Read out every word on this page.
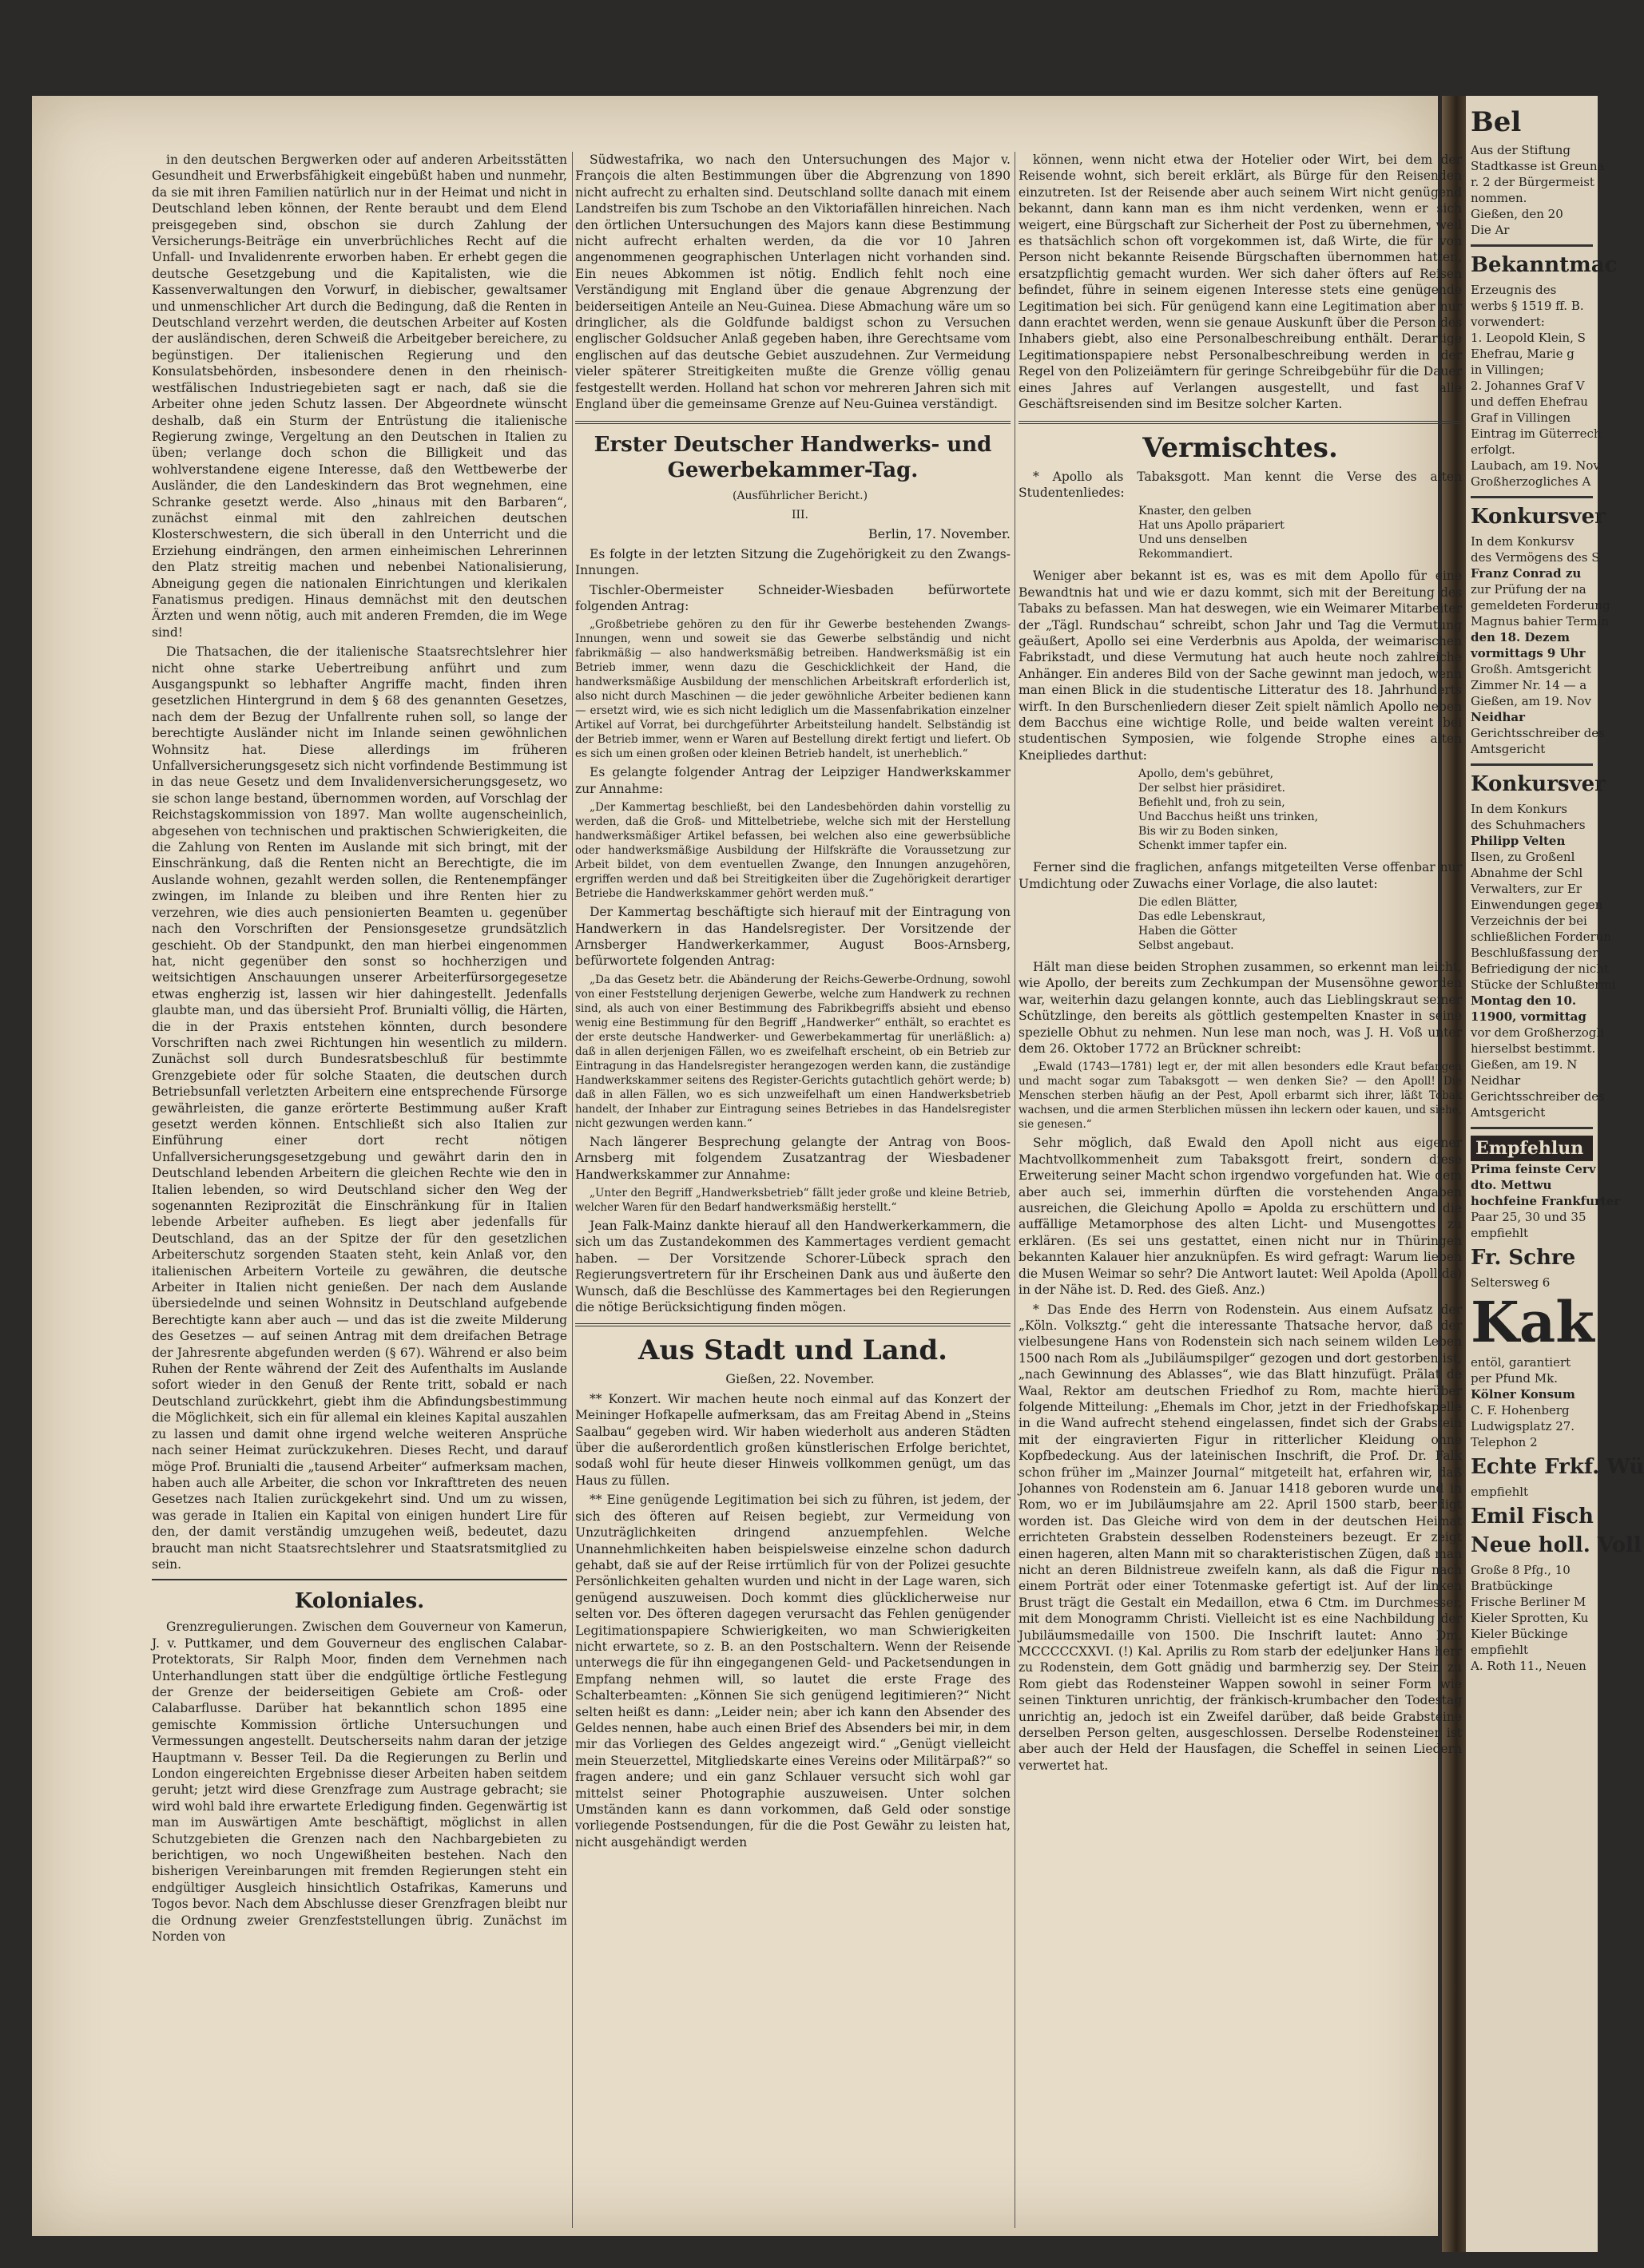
in den deutschen Bergwerken oder auf anderen Arbeitsstätten Gesundheit und Erwerbsfähigkeit eingebüßt haben und nunmehr, da sie mit ihren Familien natürlich nur in der Heimat und nicht in Deutschland leben können, der Rente beraubt und dem Elend preisgegeben sind, obschon sie durch Zahlung der Versicherungs-Beiträge ein unverbrüchliches Recht auf die Unfall- und Invalidenrente erworben haben. Er erhebt gegen die deutsche Gesetzgebung und die Kapitalisten, wie die Kassenverwaltungen den Vorwurf, in diebischer, gewaltsamer und unmenschlicher Art durch die Bedingung, daß die Renten in Deutschland verzehrt werden, die deutschen Arbeiter auf Kosten der ausländischen, deren Schweiß die Arbeitgeber bereichere, zu begünstigen. Der italienischen Regierung und den Konsulatsbehörden, insbesondere denen in den rheinisch-westfälischen Industriegebieten sagt er nach, daß sie die Arbeiter ohne jeden Schutz lassen. Der Abgeordnete wünscht deshalb, daß ein Sturm der Entrüstung die italienische Regierung zwinge, Vergeltung an den Deutschen in Italien zu üben; verlange doch schon die Billigkeit und das wohlverstandene eigene Interesse, daß den Wettbewerbe der Ausländer, die den Landeskindern das Brot wegnehmen, eine Schranke gesetzt werde. Also „hinaus mit den Barbaren“, zunächst einmal mit den zahlreichen deutschen Klosterschwestern, die sich überall in den Unterricht und die Erziehung eindrängen, den armen einheimischen Lehrerinnen den Platz streitig machen und nebenbei Nationalisierung, Abneigung gegen die nationalen Einrichtungen und klerikalen Fanatismus predigen. Hinaus demnächst mit den deutschen Ärzten und wenn nötig, auch mit anderen Fremden, die im Wege sind!

Die Thatsachen, die der italienische Staatsrechtslehrer hier nicht ohne starke Uebertreibung anführt und zum Ausgangspunkt so lebhafter Angriffe macht, finden ihren gesetzlichen Hintergrund in dem § 68 des genannten Gesetzes, nach dem der Bezug der Unfallrente ruhen soll, so lange der berechtigte Ausländer nicht im Inlande seinen gewöhnlichen Wohnsitz hat. Diese allerdings im früheren Unfallversicherungsgesetz sich nicht vorfindende Bestimmung ist in das neue Gesetz und dem Invalidenversicherungsgesetz, wo sie schon lange bestand, übernommen worden, auf Vorschlag der Reichstagskommission von 1897. Man wollte augenscheinlich, abgesehen von technischen und praktischen Schwierigkeiten, die die Zahlung von Renten im Auslande mit sich bringt, mit der Einschränkung, daß die Renten nicht an Berechtigte, die im Auslande wohnen, gezahlt werden sollen, die Rentenempfänger zwingen, im Inlande zu bleiben und ihre Renten hier zu verzehren, wie dies auch pensionierten Beamten u. gegenüber nach den Vorschriften der Pensionsgesetze grundsätzlich geschieht. Ob der Standpunkt, den man hierbei eingenommen hat, nicht gegenüber den sonst so hochherzigen und weitsichtigen Anschauungen unserer Arbeiterfürsorgegesetze etwas engherzig ist, lassen wir hier dahingestellt. Jedenfalls glaubte man, und das übersieht Prof. Brunialti völlig, die Härten, die in der Praxis entstehen könnten, durch besondere Vorschriften nach zwei Richtungen hin wesentlich zu mildern. Zunächst soll durch Bundesratsbeschluß für bestimmte Grenzgebiete oder für solche Staaten, die deutschen durch Betriebsunfall verletzten Arbeitern eine entsprechende Fürsorge gewährleisten, die ganze erörterte Bestimmung außer Kraft gesetzt werden können. Entschließt sich also Italien zur Einführung einer dort recht nötigen Unfallversicherungsgesetzgebung und gewährt darin den in Deutschland lebenden Arbeitern die gleichen Rechte wie den in Italien lebenden, so wird Deutschland sicher den Weg der sogenannten Reziprozität die Einschränkung für in Italien lebende Arbeiter aufheben. Es liegt aber jedenfalls für Deutschland, das an der Spitze der für den gesetzlichen Arbeiterschutz sorgenden Staaten steht, kein Anlaß vor, den italienischen Arbeitern Vorteile zu gewähren, die deutsche Arbeiter in Italien nicht genießen. Der nach dem Auslande übersiedelnde und seinen Wohnsitz in Deutschland aufgebende Berechtigte kann aber auch — und das ist die zweite Milderung des Gesetzes — auf seinen Antrag mit dem dreifachen Betrage der Jahresrente abgefunden werden (§ 67). Während er also beim Ruhen der Rente während der Zeit des Aufenthalts im Auslande sofort wieder in den Genuß der Rente tritt, sobald er nach Deutschland zurückkehrt, giebt ihm die Abfindungsbestimmung die Möglichkeit, sich ein für allemal ein kleines Kapital auszahlen zu lassen und damit ohne irgend welche weiteren Ansprüche nach seiner Heimat zurückzukehren. Dieses Recht, und darauf möge Prof. Brunialti die „tausend Arbeiter“ aufmerksam machen, haben auch alle Arbeiter, die schon vor Inkrafttreten des neuen Gesetzes nach Italien zurückgekehrt sind. Und um zu wissen, was gerade in Italien ein Kapital von einigen hundert Lire für den, der damit verständig umzugehen weiß, bedeutet, dazu braucht man nicht Staatsrechtslehrer und Staatsratsmitglied zu sein.

Koloniales.

Grenzregulierungen. Zwischen dem Gouverneur von Kamerun, J. v. Puttkamer, und dem Gouverneur des englischen Calabar-Protektorats, Sir Ralph Moor, finden dem Vernehmen nach Unterhandlungen statt über die endgültige örtliche Festlegung der Grenze der beiderseitigen Gebiete am Croß- oder Calabarflusse. Darüber hat bekanntlich schon 1895 eine gemischte Kommission örtliche Untersuchungen und Vermessungen angestellt. Deutscherseits nahm daran der jetzige Hauptmann v. Besser Teil. Da die Regierungen zu Berlin und London eingereichten Ergebnisse dieser Arbeiten haben seitdem geruht; jetzt wird diese Grenzfrage zum Austrage gebracht; sie wird wohl bald ihre erwartete Erledigung finden. Gegenwärtig ist man im Auswärtigen Amte beschäftigt, möglichst in allen Schutzgebieten die Grenzen nach den Nachbargebieten zu berichtigen, wo noch Ungewißheiten bestehen. Nach den bisherigen Vereinbarungen mit fremden Regierungen steht ein endgültiger Ausgleich hinsichtlich Ostafrikas, Kameruns und Togos bevor. Nach dem Abschlusse dieser Grenzfragen bleibt nur die Ordnung zweier Grenzfeststellungen übrig. Zunächst im Norden von

Südwestafrika, wo nach den Untersuchungen des Major v. François die alten Bestimmungen über die Abgrenzung von 1890 nicht aufrecht zu erhalten sind. Deutschland sollte danach mit einem Landstreifen bis zum Tschobe an den Viktoriafällen hinreichen. Nach den örtlichen Untersuchungen des Majors kann diese Bestimmung nicht aufrecht erhalten werden, da die vor 10 Jahren angenommenen geographischen Unterlagen nicht vorhanden sind. Ein neues Abkommen ist nötig. Endlich fehlt noch eine Verständigung mit England über die genaue Abgrenzung der beiderseitigen Anteile an Neu-Guinea. Diese Abmachung wäre um so dringlicher, als die Goldfunde baldigst schon zu Versuchen englischer Goldsucher Anlaß gegeben haben, ihre Gerechtsame vom englischen auf das deutsche Gebiet auszudehnen. Zur Vermeidung vieler späterer Streitigkeiten mußte die Grenze völlig genau festgestellt werden. Holland hat schon vor mehreren Jahren sich mit England über die gemeinsame Grenze auf Neu-Guinea verständigt.

Erster Deutscher Handwerks- und Gewerbekammer-Tag.

(Ausführlicher Bericht.)

III.

Berlin, 17. November.

Es folgte in der letzten Sitzung die Zugehörigkeit zu den Zwangs-Innungen.

Tischler-Obermeister Schneider-Wiesbaden befürwortete folgenden Antrag:

„Großbetriebe gehören zu den für ihr Gewerbe bestehenden Zwangs-Innungen, wenn und soweit sie das Gewerbe selbständig und nicht fabrikmäßig — also handwerksmäßig betreiben. Handwerksmäßig ist ein Betrieb immer, wenn dazu die Geschicklichkeit der Hand, die handwerksmäßige Ausbildung der menschlichen Arbeitskraft erforderlich ist, also nicht durch Maschinen — die jeder gewöhnliche Arbeiter bedienen kann — ersetzt wird, wie es sich nicht lediglich um die Massenfabrikation einzelner Artikel auf Vorrat, bei durchgeführter Arbeitsteilung handelt. Selbständig ist der Betrieb immer, wenn er Waren auf Bestellung direkt fertigt und liefert. Ob es sich um einen großen oder kleinen Betrieb handelt, ist unerheblich.“

Es gelangte folgender Antrag der Leipziger Handwerkskammer zur Annahme:

„Der Kammertag beschließt, bei den Landesbehörden dahin vorstellig zu werden, daß die Groß- und Mittelbetriebe, welche sich mit der Herstellung handwerksmäßiger Artikel befassen, bei welchen also eine gewerbsübliche oder handwerksmäßige Ausbildung der Hilfskräfte die Voraussetzung zur Arbeit bildet, von dem eventuellen Zwange, den Innungen anzugehören, ergriffen werden und daß bei Streitigkeiten über die Zugehörigkeit derartiger Betriebe die Handwerkskammer gehört werden muß.“

Der Kammertag beschäftigte sich hierauf mit der Eintragung von Handwerkern in das Handelsregister. Der Vorsitzende der Arnsberger Handwerkerkammer, August Boos-Arnsberg, befürwortete folgenden Antrag:

„Da das Gesetz betr. die Abänderung der Reichs-Gewerbe-Ordnung, sowohl von einer Feststellung derjenigen Gewerbe, welche zum Handwerk zu rechnen sind, als auch von einer Bestimmung des Fabrikbegriffs absieht und ebenso wenig eine Bestimmung für den Begriff „Handwerker“ enthält, so erachtet es der erste deutsche Handwerker- und Gewerbekammertag für unerläßlich: a) daß in allen derjenigen Fällen, wo es zweifelhaft erscheint, ob ein Betrieb zur Eintragung in das Handelsregister herangezogen werden kann, die zuständige Handwerkskammer seitens des Register-Gerichts gutachtlich gehört werde; b) daß in allen Fällen, wo es sich unzweifelhaft um einen Handwerksbetrieb handelt, der Inhaber zur Eintragung seines Betriebes in das Handelsregister nicht gezwungen werden kann.“

Nach längerer Besprechung gelangte der Antrag von Boos-Arnsberg mit folgendem Zusatzantrag der Wiesbadener Handwerkskammer zur Annahme:

„Unter den Begriff „Handwerksbetrieb“ fällt jeder große und kleine Betrieb, welcher Waren für den Bedarf handwerksmäßig herstellt.“

Jean Falk-Mainz dankte hierauf all den Handwerkerkammern, die sich um das Zustandekommen des Kammertages verdient gemacht haben. — Der Vorsitzende Schorer-Lübeck sprach den Regierungsvertretern für ihr Erscheinen Dank aus und äußerte den Wunsch, daß die Beschlüsse des Kammertages bei den Regierungen die nötige Berücksichtigung finden mögen.

Aus Stadt und Land.

Gießen, 22. November.

** Konzert. Wir machen heute noch einmal auf das Konzert der Meininger Hofkapelle aufmerksam, das am Freitag Abend in „Steins Saalbau“ gegeben wird. Wir haben wiederholt aus anderen Städten über die außerordentlich großen künstlerischen Erfolge berichtet, sodaß wohl für heute dieser Hinweis vollkommen genügt, um das Haus zu füllen.

** Eine genügende Legitimation bei sich zu führen, ist jedem, der sich des öfteren auf Reisen begiebt, zur Vermeidung von Unzuträglichkeiten dringend anzuempfehlen. Welche Unannehmlichkeiten haben beispielsweise einzelne schon dadurch gehabt, daß sie auf der Reise irrtümlich für von der Polizei gesuchte Persönlichkeiten gehalten wurden und nicht in der Lage waren, sich genügend auszuweisen. Doch kommt dies glücklicherweise nur selten vor. Des öfteren dagegen verursacht das Fehlen genügender Legitimationspapiere Schwierigkeiten, wo man Schwierigkeiten nicht erwartete, so z. B. an den Postschaltern. Wenn der Reisende unterwegs die für ihn eingegangenen Geld- und Packetsendungen in Empfang nehmen will, so lautet die erste Frage des Schalterbeamten: „Können Sie sich genügend legitimieren?“ Nicht selten heißt es dann: „Leider nein; aber ich kann den Absender des Geldes nennen, habe auch einen Brief des Absenders bei mir, in dem mir das Vorliegen des Geldes angezeigt wird.“ „Genügt vielleicht mein Steuerzettel, Mitgliedskarte eines Vereins oder Militärpaß?“ so fragen andere; und ein ganz Schlauer versucht sich wohl gar mittelst seiner Photographie auszuweisen. Unter solchen Umständen kann es dann vorkommen, daß Geld oder sonstige vorliegende Postsendungen, für die die Post Gewähr zu leisten hat, nicht ausgehändigt werden

können, wenn nicht etwa der Hotelier oder Wirt, bei dem der Reisende wohnt, sich bereit erklärt, als Bürge für den Reisenden einzutreten. Ist der Reisende aber auch seinem Wirt nicht genügend bekannt, dann kann man es ihm nicht verdenken, wenn er sich weigert, eine Bürgschaft zur Sicherheit der Post zu übernehmen, weil es thatsächlich schon oft vorgekommen ist, daß Wirte, die für von Person nicht bekannte Reisende Bürgschaften übernommen hatten, ersatzpflichtig gemacht wurden. Wer sich daher öfters auf Reisen befindet, führe in seinem eigenen Interesse stets eine genügende Legitimation bei sich. Für genügend kann eine Legitimation aber nur dann erachtet werden, wenn sie genaue Auskunft über die Person des Inhabers giebt, also eine Personalbeschreibung enthält. Derartige Legitimationspapiere nebst Personalbeschreibung werden in der Regel von den Polizeiämtern für geringe Schreibgebühr für die Dauer eines Jahres auf Verlangen ausgestellt, und fast alle Geschäftsreisenden sind im Besitze solcher Karten.

Vermischtes.

* Apollo als Tabaksgott. Man kennt die Verse des alten Studentenliedes:

Knaster, den gelben
Hat uns Apollo präpariert
Und uns denselben
Rekommandiert.

Weniger aber bekannt ist es, was es mit dem Apollo für eine Bewandtnis hat und wie er dazu kommt, sich mit der Bereitung des Tabaks zu befassen. Man hat deswegen, wie ein Weimarer Mitarbeiter der „Tägl. Rundschau“ schreibt, schon Jahr und Tag die Vermutung geäußert, Apollo sei eine Verderbnis aus Apolda, der weimarischen Fabrikstadt, und diese Vermutung hat auch heute noch zahlreiche Anhänger. Ein anderes Bild von der Sache gewinnt man jedoch, wenn man einen Blick in die studentische Litteratur des 18. Jahrhunderts wirft. In den Burschenliedern dieser Zeit spielt nämlich Apollo neben dem Bacchus eine wichtige Rolle, und beide walten vereint bei studentischen Symposien, wie folgende Strophe eines alten Kneipliedes darthut:

Apollo, dem's gebühret,
Der selbst hier präsidiret.
Befiehlt und, froh zu sein,
Und Bacchus heißt uns trinken,
Bis wir zu Boden sinken,
Schenkt immer tapfer ein.

Ferner sind die fraglichen, anfangs mitgeteilten Verse offenbar nur Umdichtung oder Zuwachs einer Vorlage, die also lautet:

Die edlen Blätter,
Das edle Lebenskraut,
Haben die Götter
Selbst angebaut.

Hält man diese beiden Strophen zusammen, so erkennt man leicht, wie Apollo, der bereits zum Zechkumpan der Musensöhne geworden war, weiterhin dazu gelangen konnte, auch das Lieblingskraut seiner Schützlinge, den bereits als göttlich gestempelten Knaster in seine spezielle Obhut zu nehmen. Nun lese man noch, was J. H. Voß unter dem 26. Oktober 1772 an Brückner schreibt:

„Ewald (1743—1781) legt er, der mit allen besonders edle Kraut befangen und macht sogar zum Tabaksgott — wen denken Sie? — den Apoll! Die Menschen sterben häufig an der Pest, Apoll erbarmt sich ihrer, läßt Tobak wachsen, und die armen Sterblichen müssen ihn leckern oder kauen, und siehe, sie genesen.“

Sehr möglich, daß Ewald den Apoll nicht aus eigener Machtvollkommenheit zum Tabaksgott freirt, sondern diese Erweiterung seiner Macht schon irgendwo vorgefunden hat. Wie dem aber auch sei, immerhin dürften die vorstehenden Angaben ausreichen, die Gleichung Apollo = Apolda zu erschüttern und die auffällige Metamorphose des alten Licht- und Musengottes zu erklären. (Es sei uns gestattet, einen nicht nur in Thüringen bekannten Kalauer hier anzuknüpfen. Es wird gefragt: Warum lieben die Musen Weimar so sehr? Die Antwort lautet: Weil Apolda (Apoll da) in der Nähe ist. D. Red. des Gieß. Anz.)

* Das Ende des Herrn von Rodenstein. Aus einem Aufsatz der „Köln. Volksztg.“ geht die interessante Thatsache hervor, daß der vielbesungene Hans von Rodenstein sich nach seinem wilden Leben 1500 nach Rom als „Jubiläumspilger“ gezogen und dort gestorben ist, „nach Gewinnung des Ablasses“, wie das Blatt hinzufügt. Prälat de Waal, Rektor am deutschen Friedhof zu Rom, machte hierüber folgende Mitteilung: „Ehemals im Chor, jetzt in der Friedhofskapelle in die Wand aufrecht stehend eingelassen, findet sich der Grabstein mit der eingravierten Figur in ritterlicher Kleidung ohne Kopfbedeckung. Aus der lateinischen Inschrift, die Prof. Dr. Falk schon früher im „Mainzer Journal“ mitgeteilt hat, erfahren wir, daß Johannes von Rodenstein am 6. Januar 1418 geboren wurde und in Rom, wo er im Jubiläumsjahre am 22. April 1500 starb, beerdigt worden ist. Das Gleiche wird von dem in der deutschen Heimat errichteten Grabstein desselben Rodensteiners bezeugt. Er zeigt einen hageren, alten Mann mit so charakteristischen Zügen, daß man nicht an deren Bildnistreue zweifeln kann, als daß die Figur nach einem Porträt oder einer Totenmaske gefertigt ist. Auf der linken Brust trägt die Gestalt ein Medaillon, etwa 6 Ctm. im Durchmesser, mit dem Monogramm Christi. Vielleicht ist es eine Nachbildung der Jubiläumsmedaille von 1500. Die Inschrift lautet: Anno Dm. MCCCCCXXVI. (!) Kal. Aprilis zu Rom starb der edeljunker Hans herr zu Rodenstein, dem Gott gnädig und barmherzig sey. Der Stein zu Rom giebt das Rodensteiner Wappen sowohl in seiner Form wie seinen Tinkturen unrichtig, der fränkisch-krumbacher den Todestag unrichtig an, jedoch ist ein Zweifel darüber, daß beide Grabsteine derselben Person gelten, ausgeschlossen. Derselbe Rodensteiner ist aber auch der Held der Hausfagen, die Scheffel in seinen Liedern verwertet hat.

Bel
Aus der Stiftung
Stadtkasse ist Greuna
r. 2 der Bürgermeist
nommen.
Gießen, den 20
Die Ar
Bekanntmac
Erzeugnis des
werbs § 1519 ff. B.
vorwendert:
1. Leopold Klein, S
Ehefrau, Marie g
in Villingen;
2. Johannes Graf V
und deffen Ehefrau
Graf in Villingen
Eintrag im Güterrech
erfolgt.
Laubach, am 19. Nov
Großherzogliches A
Konkursver
In dem Konkursv
des Vermögens des S
Franz Conrad zu
zur Prüfung der na
gemeldeten Forderung
Magnus bahier Termin
den 18. Dezem
vormittags 9 Uhr
Großh. Amtsgericht
Zimmer Nr. 14 — a
Gießen, am 19. Nov
Neidhar
Gerichtsschreiber des
Amtsgericht
Konkursver
In dem Konkurs
des Schuhmachers
Philipp Velten
Ilsen, zu Großenl
Abnahme der Schl
Verwalters, zur Er
Einwendungen gegen
Verzeichnis der bei
schließlichen Forderun
Beschlußfassung der
Befriedigung der nicht
Stücke der Schlußtermi
Montag den 10.
11900, vormittag
vor dem Großherzogli
hierselbst bestimmt.
Gießen, am 19. N
Neidhar
Gerichtsschreiber des
Amtsgericht
Empfehlun
Prima feinste Cerv
dto. Mettwu
hochfeine Frankfurter
Paar 25, 30 und 35
empfiehlt
Fr. Schre
Seltersweg 6
Kak
entöl, garantiert
per Pfund Mk.
Kölner Konsum
C. F. Hohenberg
Ludwigsplatz 27.
Telephon 2
Echte Frkf. Wü
empfiehlt
Emil Fisch
Neue holl. Voll
Große 8 Pfg., 10
Bratbückinge
Frische Berliner M
Kieler Sprotten, Ku
Kieler Bückinge
empfiehlt
A. Roth 11., Neuen
